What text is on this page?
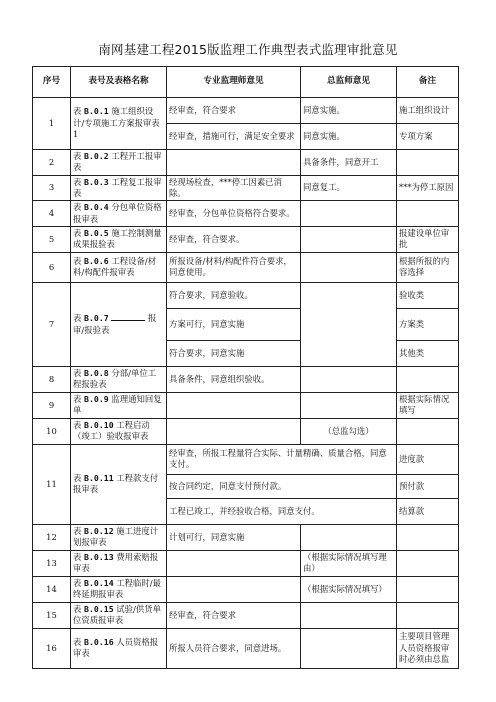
南网基建工程2015版监理工作典型表式监理审批意见
序号	表号及表格名称	专业监理师意见	总监师意见	备注
1	表 B.0.1 施工组织设计/专项施工方案报审表1	经审查，符合要求	同意实施。	施工组织设计
		经审查，措施可行，满足安全要求	同意实施。	专项方案
2	表 B.0.2 工程开工报审表		具备条件，同意开工	
3	表 B.0.3 工程复工报审表	经现场检查，***停工因素已消除。	同意复工。	***为停工原因
4	表 B.0.4 分包单位资格报审表	经审查，分包单位资格符合要求。		
5	表 B.0.5 施工控制测量成果报验表	经审查，符合要求。		报建设单位审批
6	表 B.0.6 工程设备/材料/构配件报审表	所报设备/材料/构配件符合要求，同意使用。		根据所报的内容选择
7	表 B.0.7 报审/报验表	符合要求，同意验收。		验收类
		方案可行，同意实施		方案类
		符合要求，同意实施		其他类
8	表 B.0.8 分部/单位工程报验表	具备条件，同意组织验收。		
9	表 B.0.9 监理通知回复单			根据实际情况填写
10	表 B.0.10 工程启动（竣工）验收报审表		（总监勾选）	
11	表 B.0.11 工程款支付报审表	经审查，所报工程量符合实际、计量精确、质量合格，同意支付。		进度款
		按合同约定，同意支付预付款。		预付款
		工程已竣工，并经验收合格，同意支付。		结算款
12	表 B.0.12 施工进度计划报审表	计划可行，同意实施		
13	表 B.0.13 费用索赔报审表		（根据实际情况填写理由）	
14	表 B.0.14 工程临时/最终延期报审表		（根据实际情况填写）	
15	表 B.0.15 试验/供货单位资质报审表	经审查，符合要求		
16	表 B.0.16 人员资格报审表	所报人员符合要求，同意进场。		主要项目管理人员资格报审时必须由总监
